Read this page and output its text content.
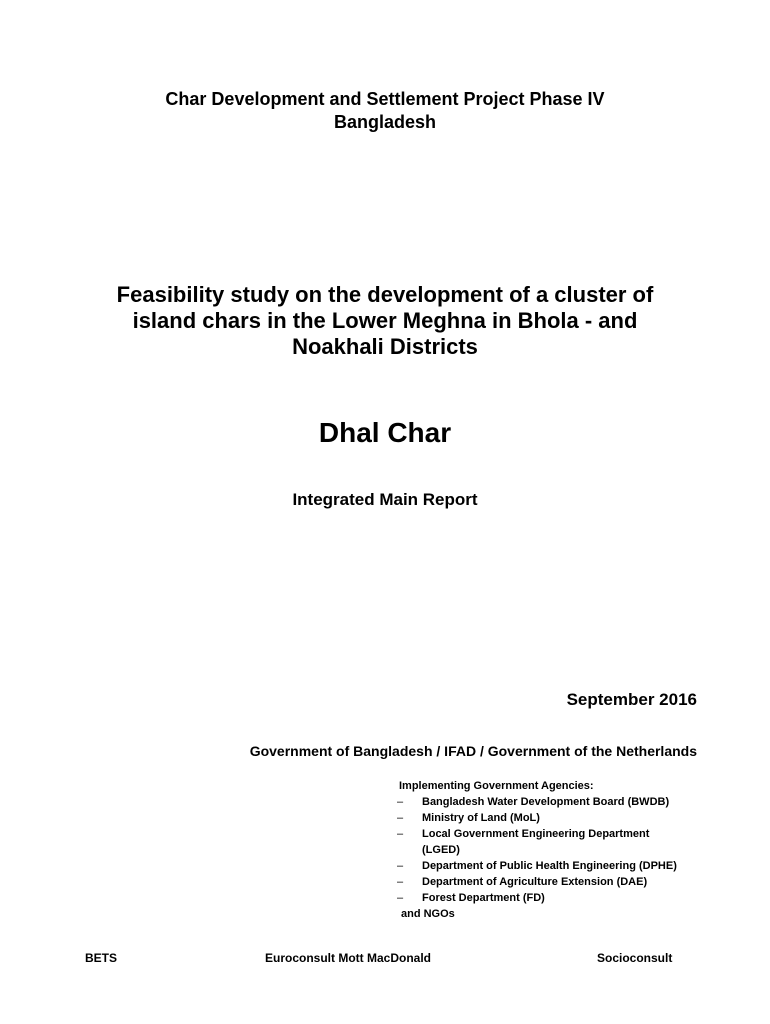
Char Development and Settlement Project Phase IV
Bangladesh
Feasibility study on the development of a cluster of
island chars in the Lower Meghna in Bhola - and
Noakhali Districts
Dhal Char
Integrated Main Report
September 2016
Government of Bangladesh / IFAD / Government of the Netherlands
Implementing Government Agencies:
–	Bangladesh Water Development Board (BWDB)
–	Ministry of Land (MoL)
–	Local Government Engineering Department
(LGED)
–	Department of Public Health Engineering (DPHE)
–	Department of Agriculture Extension (DAE)
–	Forest Department (FD)
and NGOs
BETS	Euroconsult Mott MacDonald	Socioconsult
